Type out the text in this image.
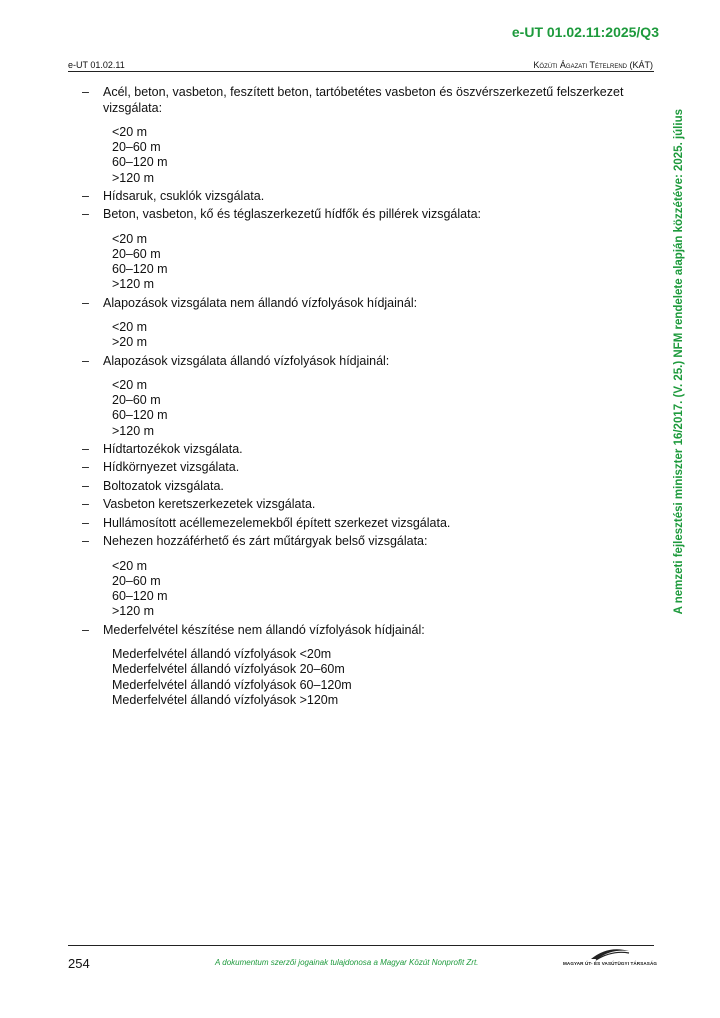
e-UT 01.02.11:2025/Q3
e-UT 01.02.11	Közúti Ágazati Tételrend (KÁT)
A nemzeti fejlesztési miniszter 16/2017. (V. 25.) NFM rendelete alapján közzétéve: 2025. július
–	Acél, beton, vasbeton, feszített beton, tartóbetétes vasbeton és öszvérszerkezetű felszerkezet vizsgálata:
<20 m
20–60 m
60–120 m
>120 m
–	Hídsaruk, csuklók vizsgálata.
–	Beton, vasbeton, kő és téglaszerkezetű hídfők és pillérek vizsgálata:
<20 m
20–60 m
60–120 m
>120 m
–	Alapozások vizsgálata nem állandó vízfolyások hídjainál:
<20 m
>20 m
–	Alapozások vizsgálata állandó vízfolyások hídjainál:
<20 m
20–60 m
60–120 m
>120 m
–	Hídtartozékok vizsgálata.
–	Hídkörnyezet vizsgálata.
–	Boltozatok vizsgálata.
–	Vasbeton keretszerkezetek vizsgálata.
–	Hullámosított acéllemezelemekből épített szerkezet vizsgálata.
–	Nehezen hozzáférhető és zárt műtárgyak belső vizsgálata:
<20 m
20–60 m
60–120 m
>120 m
–	Mederfelvétel készítése nem állandó vízfolyások hídjainál:
Mederfelvétel állandó vízfolyások <20m
Mederfelvétel állandó vízfolyások 20–60m
Mederfelvétel állandó vízfolyások 60–120m
Mederfelvétel állandó vízfolyások >120m
254	A dokumentum szerzői jogainak tulajdonosa a Magyar Közút Nonprofit Zrt.	MAGYAR ÚT- ÉS VASÚTÜGYI TÁRSASÁG
